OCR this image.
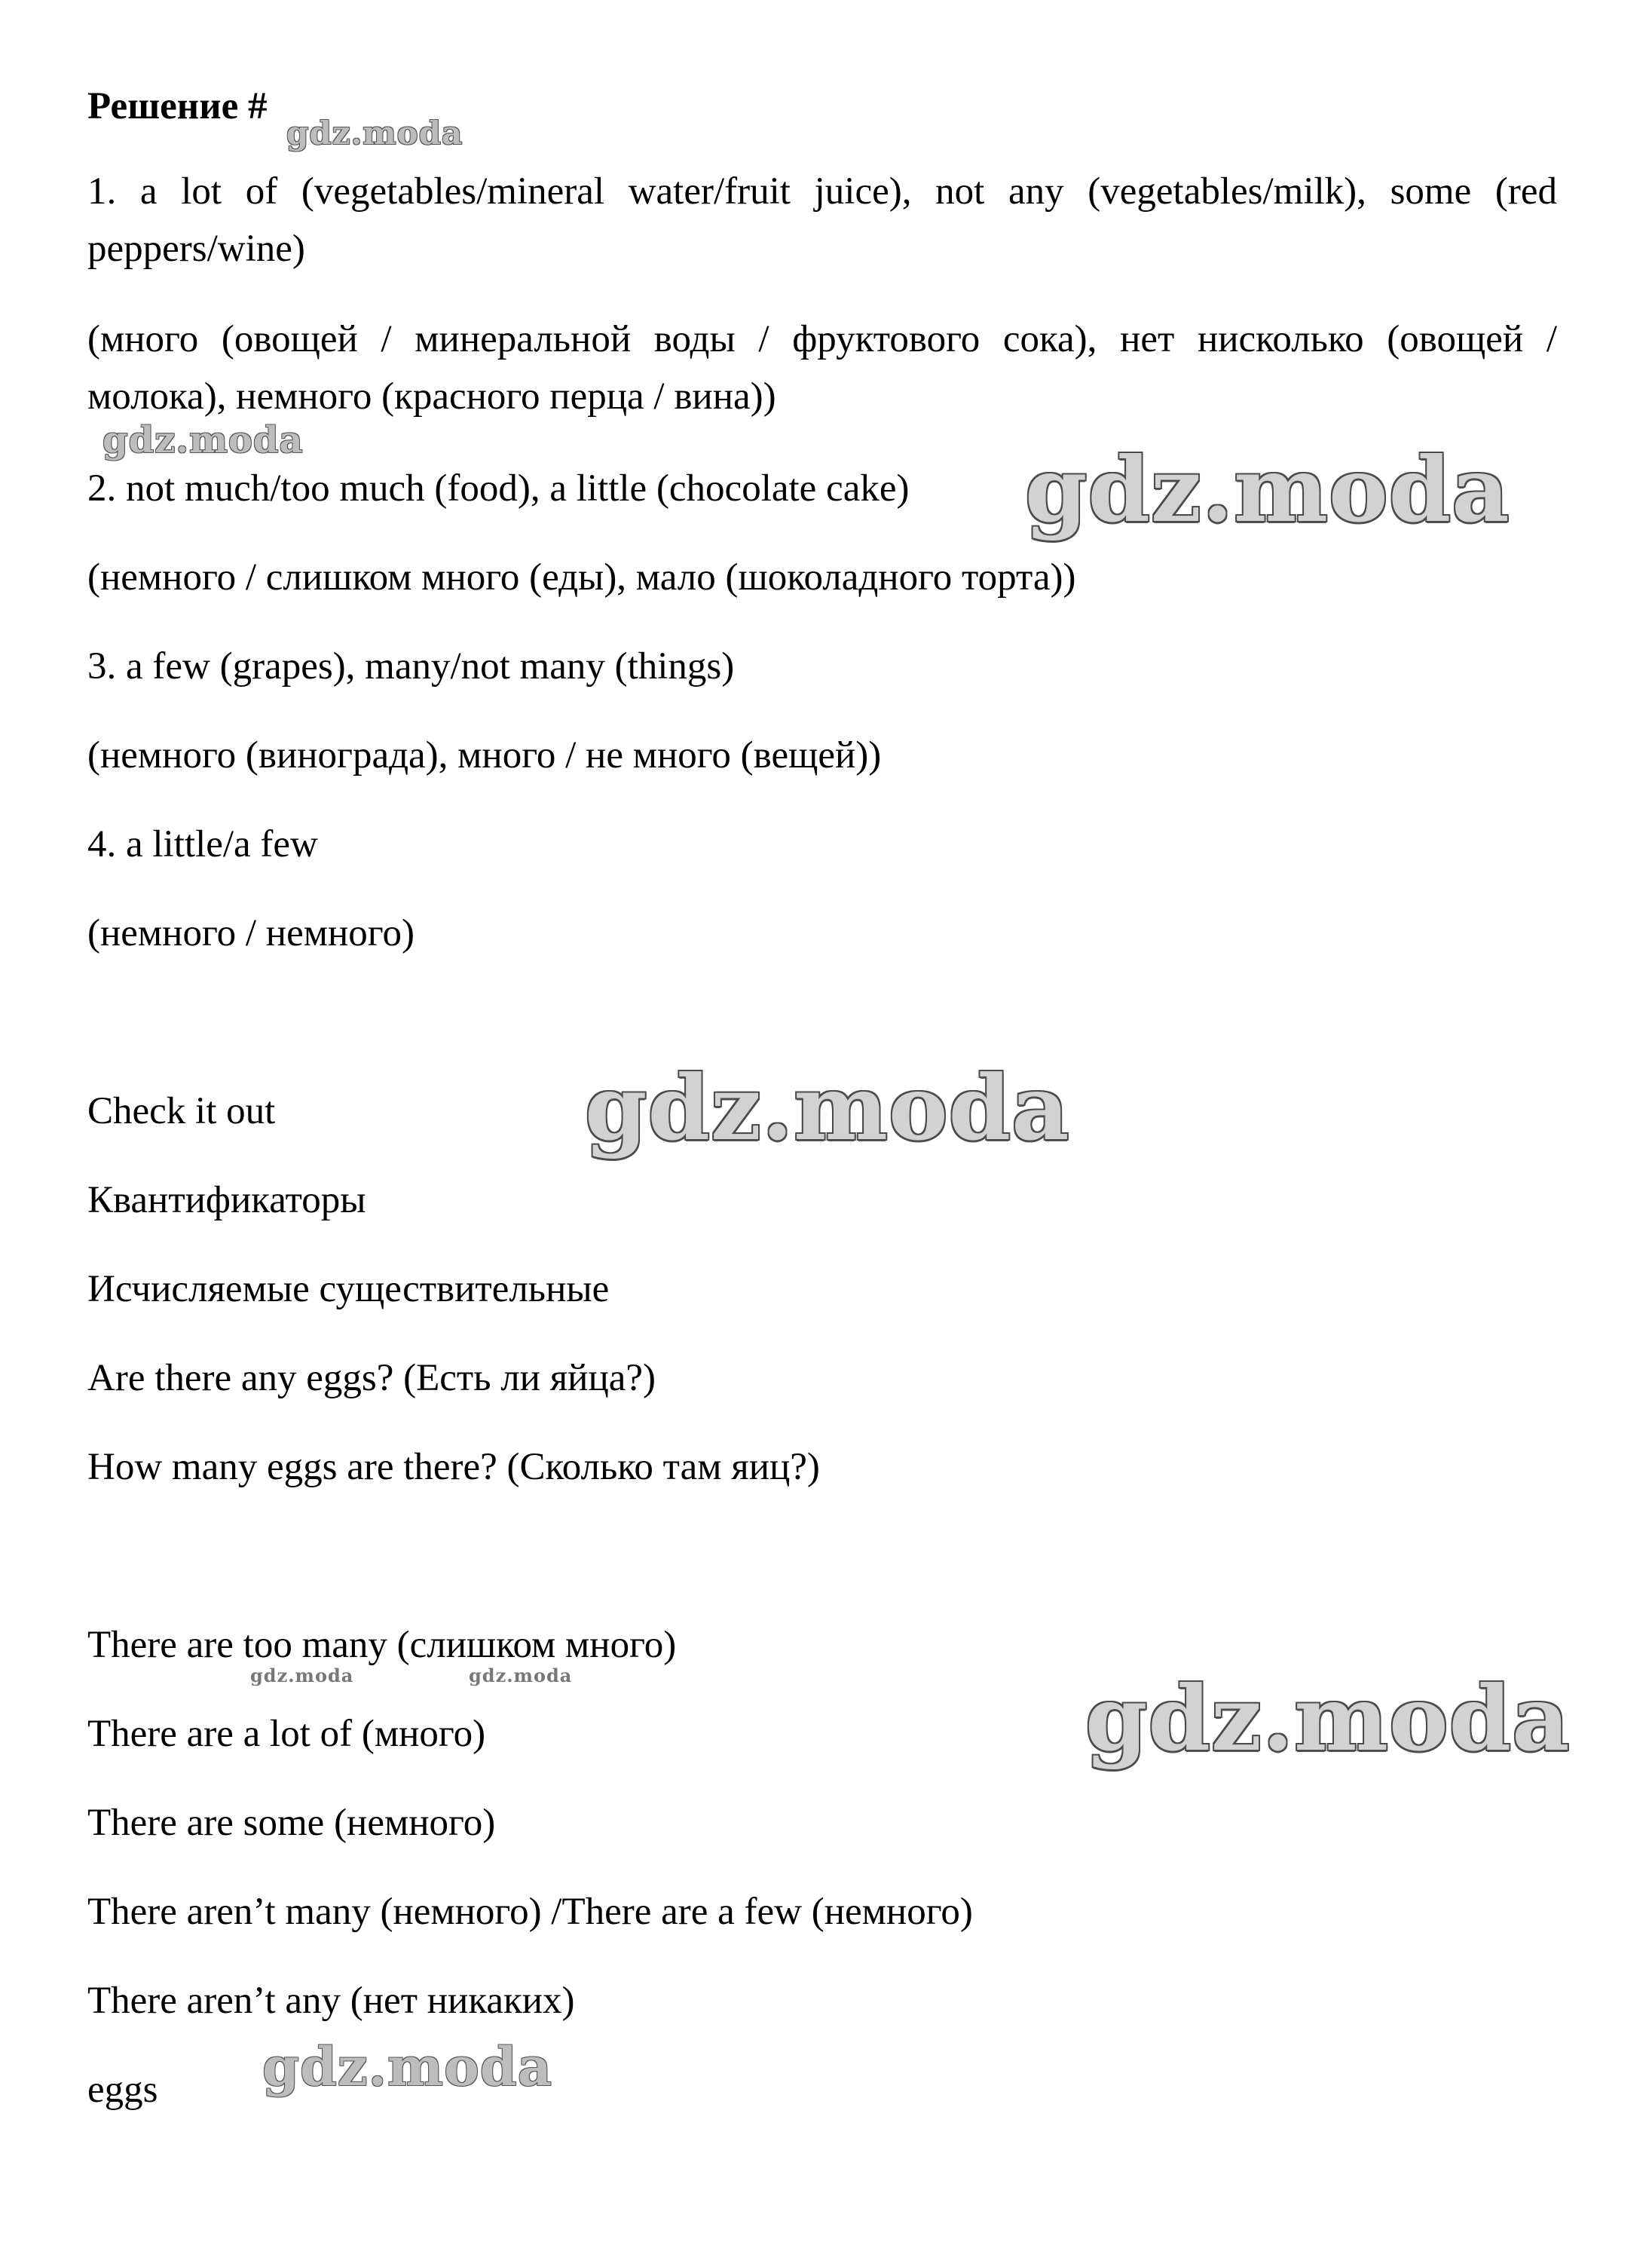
Решение #
1. a lot of (vegetables/mineral water/fruit juice), not any (vegetables/milk), some (red peppers/wine)
(много (овощей / минеральной воды / фруктового сока), нет нисколько (овощей / молока), немного (красного перца / вина))
2. not much/too much (food), a little (chocolate cake)
(немного / слишком много (еды), мало (шоколадного торта))
3. a few (grapes), many/not many (things)
(немного (винограда), много / не много (вещей))
4. a little/a few
(немного / немного)
Check it out
Квантификаторы
Исчисляемые существительные
Are there any eggs? (Есть ли яйца?)
How many eggs are there? (Сколько там яиц?)
There are too many (слишком много)
There are a lot of (много)
There are some (немного)
There aren’t many (немного) /There are a few (немного)
There aren’t any (нет никаких)
eggs
gdz.moda
gdz.moda	gdz.moda
gdz.moda
gdz.moda	gdz.moda	gdz.moda
gdz.moda
